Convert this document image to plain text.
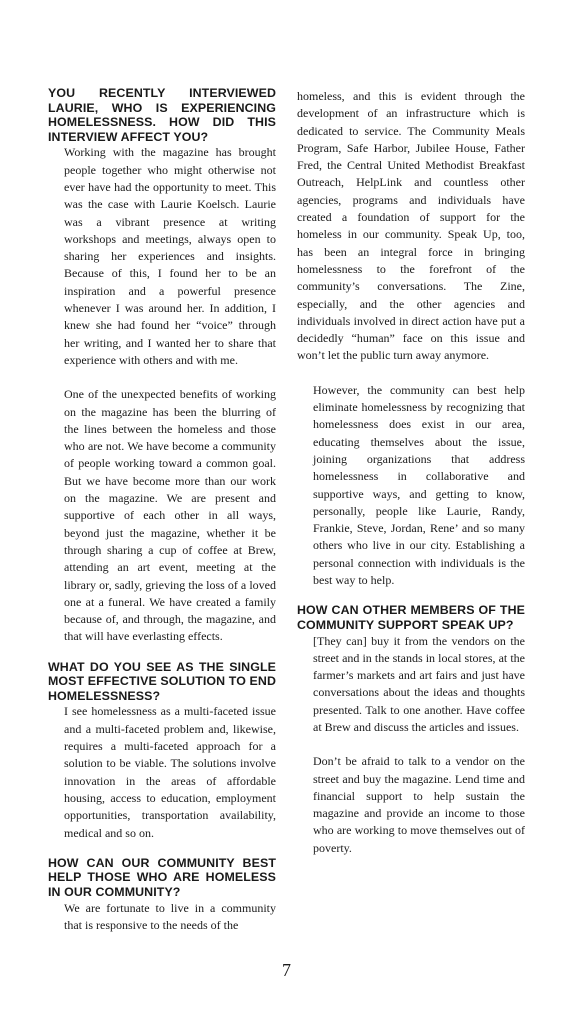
YOU RECENTLY INTERVIEWED LAURIE, WHO IS EXPERIENCING HOMELESSNESS. HOW DID THIS INTERVIEW AFFECT YOU?

Working with the magazine has brought people together who might otherwise not ever have had the opportunity to meet. This was the case with Laurie Koelsch. Laurie was a vibrant presence at writing workshops and meetings, always open to sharing her experiences and insights. Because of this, I found her to be an inspiration and a powerful presence whenever I was around her. In addition, I knew she had found her “voice” through her writing, and I wanted her to share that experience with others and with me.

One of the unexpected benefits of working on the magazine has been the blurring of the lines between the homeless and those who are not. We have become a community of people working toward a common goal. But we have become more than our work on the magazine. We are present and supportive of each other in all ways, beyond just the magazine, whether it be through sharing a cup of coffee at Brew, attending an art event, meeting at the library or, sadly, grieving the loss of a loved one at a funeral. We have created a family because of, and through, the magazine, and that will have everlasting effects.

WHAT DO YOU SEE AS THE SINGLE MOST EFFECTIVE SOLUTION TO END HOMELESSNESS?

I see homelessness as a multi-faceted issue and a multi-faceted problem and, likewise, requires a multi-faceted approach for a solution to be viable. The solutions involve innovation in the areas of affordable housing, access to education, employment opportunities, transportation availability, medical and so on.

HOW CAN OUR COMMUNITY BEST HELP THOSE WHO ARE HOMELESS IN OUR COMMUNITY?

We are fortunate to live in a community that is responsive to the needs of the

homeless, and this is evident through the development of an infrastructure which is dedicated to service. The Community Meals Program, Safe Harbor, Jubilee House, Father Fred, the Central United Methodist Breakfast Outreach, HelpLink and countless other agencies, programs and individuals have created a foundation of support for the homeless in our community. Speak Up, too, has been an integral force in bringing homelessness to the forefront of the community’s conversations. The Zine, especially, and the other agencies and individuals involved in direct action have put a decidedly “human” face on this issue and won’t let the public turn away anymore.

However, the community can best help eliminate homelessness by recognizing that homelessness does exist in our area, educating themselves about the issue, joining organizations that address homelessness in collaborative and supportive ways, and getting to know, personally, people like Laurie, Randy, Frankie, Steve, Jordan, Rene’ and so many others who live in our city. Establishing a personal connection with individuals is the best way to help.

HOW CAN OTHER MEMBERS OF THE COMMUNITY SUPPORT SPEAK UP?

[They can] buy it from the vendors on the street and in the stands in local stores, at the farmer’s markets and art fairs and just have conversations about the ideas and thoughts presented. Talk to one another. Have coffee at Brew and discuss the articles and issues.

Don’t be afraid to talk to a vendor on the street and buy the magazine. Lend time and financial support to help sustain the magazine and provide an income to those who are working to move themselves out of poverty.

7
